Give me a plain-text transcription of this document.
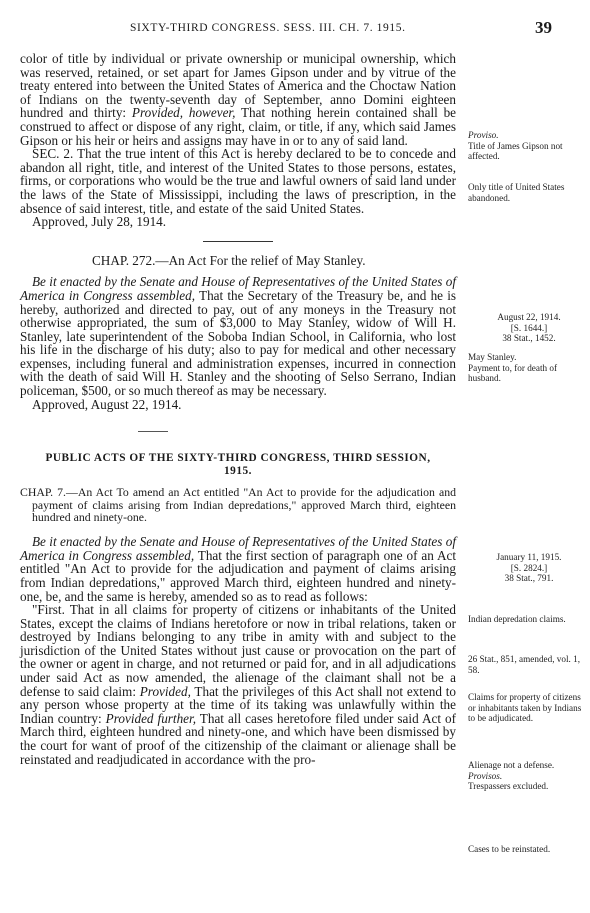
SIXTY-THIRD CONGRESS. SESS. III. CH. 7. 1915.	39

color of title by individual or private ownership or municipal ownership, which was reserved, retained, or set apart for James Gipson under and by vitrue of the treaty entered into between the United States of America and the Choctaw Nation of Indians on the twenty-seventh day of September, anno Domini eighteen hundred and thirty: Provided, however, That nothing herein contained shall be construed to affect or dispose of any right, claim, or title, if any, which said James Gipson or his heir or heirs and assigns may have in or to any of said land.

SEC. 2. That the true intent of this Act is hereby declared to be to concede and abandon all right, title, and interest of the United States to those persons, estates, firms, or corporations who would be the true and lawful owners of said land under the laws of the State of Mississippi, including the laws of prescription, in the absence of said interest, title, and estate of the said United States.

Approved, July 28, 1914.

CHAP. 272.—An Act For the relief of May Stanley.

Be it enacted by the Senate and House of Representatives of the United States of America in Congress assembled, That the Secretary of the Treasury be, and he is hereby, authorized and directed to pay, out of any moneys in the Treasury not otherwise appropriated, the sum of $3,000 to May Stanley, widow of Will H. Stanley, late superintendent of the Soboba Indian School, in California, who lost his life in the discharge of his duty; also to pay for medical and other necessary expenses, including funeral and administration expenses, incurred in connection with the death of said Will H. Stanley and the shooting of Selso Serrano, Indian policeman, $500, or so much thereof as may be necessary.

Approved, August 22, 1914.

PUBLIC ACTS OF THE SIXTY-THIRD CONGRESS, THIRD SESSION,
1915.

CHAP. 7.—An Act To amend an Act entitled "An Act to provide for the adjudication and payment of claims arising from Indian depredations," approved March third, eighteen hundred and ninety-one.

Be it enacted by the Senate and House of Representatives of the United States of America in Congress assembled, That the first section of paragraph one of an Act entitled "An Act to provide for the adjudication and payment of claims arising from Indian depredations," approved March third, eighteen hundred and ninety-one, be, and the same is hereby, amended so as to read as follows:

"First. That in all claims for property of citizens or inhabitants of the United States, except the claims of Indians heretofore or now in tribal relations, taken or destroyed by Indians belonging to any tribe in amity with and subject to the jurisdiction of the United States without just cause or provocation on the part of the owner or agent in charge, and not returned or paid for, and in all adjudications under said Act as now amended, the alienage of the claimant shall not be a defense to said claim: Provided, That the privileges of this Act shall not extend to any person whose property at the time of its taking was unlawfully within the Indian country: Provided further, That all cases heretofore filed under said Act of March third, eighteen hundred and ninety-one, and which have been dismissed by the court for want of proof of the citizenship of the claimant or alienage shall be reinstated and readjudicated in accordance with the pro-

Proviso.
Title of James Gipson not affected.
Only title of United States abandoned.
August 22, 1914.
[S. 1644.]
38 Stat., 1452.
May Stanley.
Payment to, for death of husband.
January 11, 1915.
[S. 2824.]
38 Stat., 791.
Indian depredation claims.
26 Stat., 851, amended, vol. 1, 58.
Claims for property of citizens or inhabitants taken by Indians to be adjudicated.
Alienage not a defense.
Provisos.
Trespassers excluded.
Cases to be reinstated.
